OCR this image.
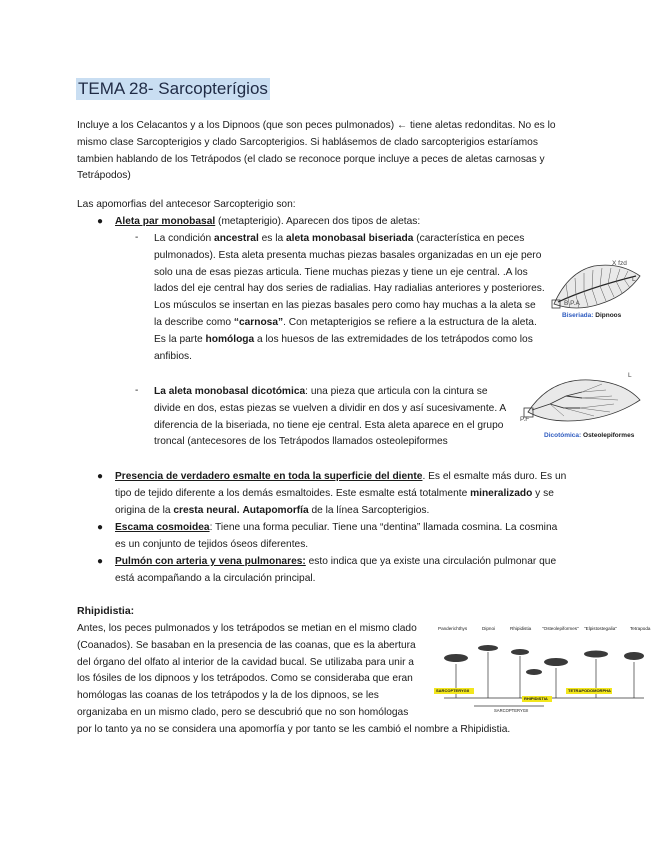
TEMA 28- Sarcopterígios

Incluye a los Celacantos y a los Dipnoos (que son peces pulmonados) ← tiene aletas redonditas. No es lo mismo clase Sarcopterigios y clado Sarcopterigios. Si hablásemos de clado sarcopterigios estaríamos tambien hablando de los Tetrápodos (el clado se reconoce porque incluye a peces de aletas carnosas y Tetrápodos)

Las apomorfias del antecesor Sarcopterigio son:

● Aleta par monobasal (metapterigio). Aparecen dos tipos de aletas:
- La condición ancestral es la aleta monobasal biseriada (característica en peces pulmonados). Esta aleta presenta muchas piezas basales organizadas en un eje pero solo una de esas piezas articula. Tiene muchas piezas y tiene un eje central. .A los lados del eje central hay dos series de radialias. Hay radialias anteriores y posteriores. Los músculos se insertan en las piezas basales pero como hay muchas a la aleta se la describe como “carnosa”. Con metapterigios se refiere a la estructura de la aleta. Es la parte homóloga a los huesos de las extremidades de los tetrápodos como los anfibios.
- La aleta monobasal dicotómica: una pieza que articula con la cintura se divide en dos, estas piezas se vuelven a dividir en dos y así sucesivamente. A diferencia de la biseriada, no tiene eje central. Esta aleta aparece en el grupo troncal (antecesores de los Tetrápodos llamados osteolepiformes
X fzd
L
B.P.A
Biseriada: Dipnoos
L
P.F
Dicotómica: Osteolepiformes
● Presencia de verdadero esmalte en toda la superficie del diente. Es el esmalte más duro. Es un tipo de tejido diferente a los demás esmaltoides. Este esmalte está totalmente mineralizado y se origina de la cresta neural. Autapomorfía de la línea Sarcopterigios.
● Escama cosmoidea: Tiene una forma peculiar. Tiene una “dentina” llamada cosmina. La cosmina es un conjunto de tejidos óseos diferentes.
● Pulmón con arteria y vena pulmonares: esto indica que ya existe una circulación pulmonar que está acompañando a la circulación principal.

Rhipidistia:

Antes, los peces pulmonados y los tetrápodos se metian en el mismo clado (Coanados). Se basaban en la presencia de las coanas, que es la abertura del órgano del olfato al interior de la cavidad bucal. Se utilizaba para unir a los fósiles de los dipnoos y los tetrápodos. Como se consideraba que eran homólogas las coanas de los tetrápodos y la de los dipnoos, se les organizaba en un mismo clado, pero se descubrió que no son homólogas por lo tanto ya no se considera una apomorfía y por tanto se les cambió el nombre a Rhipidistia.

Panderichthys	Dipnoi	Rhipidistia "Osteolepiformes" "Elpistostegalia"	Tetrapoda
SARCOPTERYGII
RHIPIDISTIA
TETRAPODOMORPHA
SARCOPTERYGII
